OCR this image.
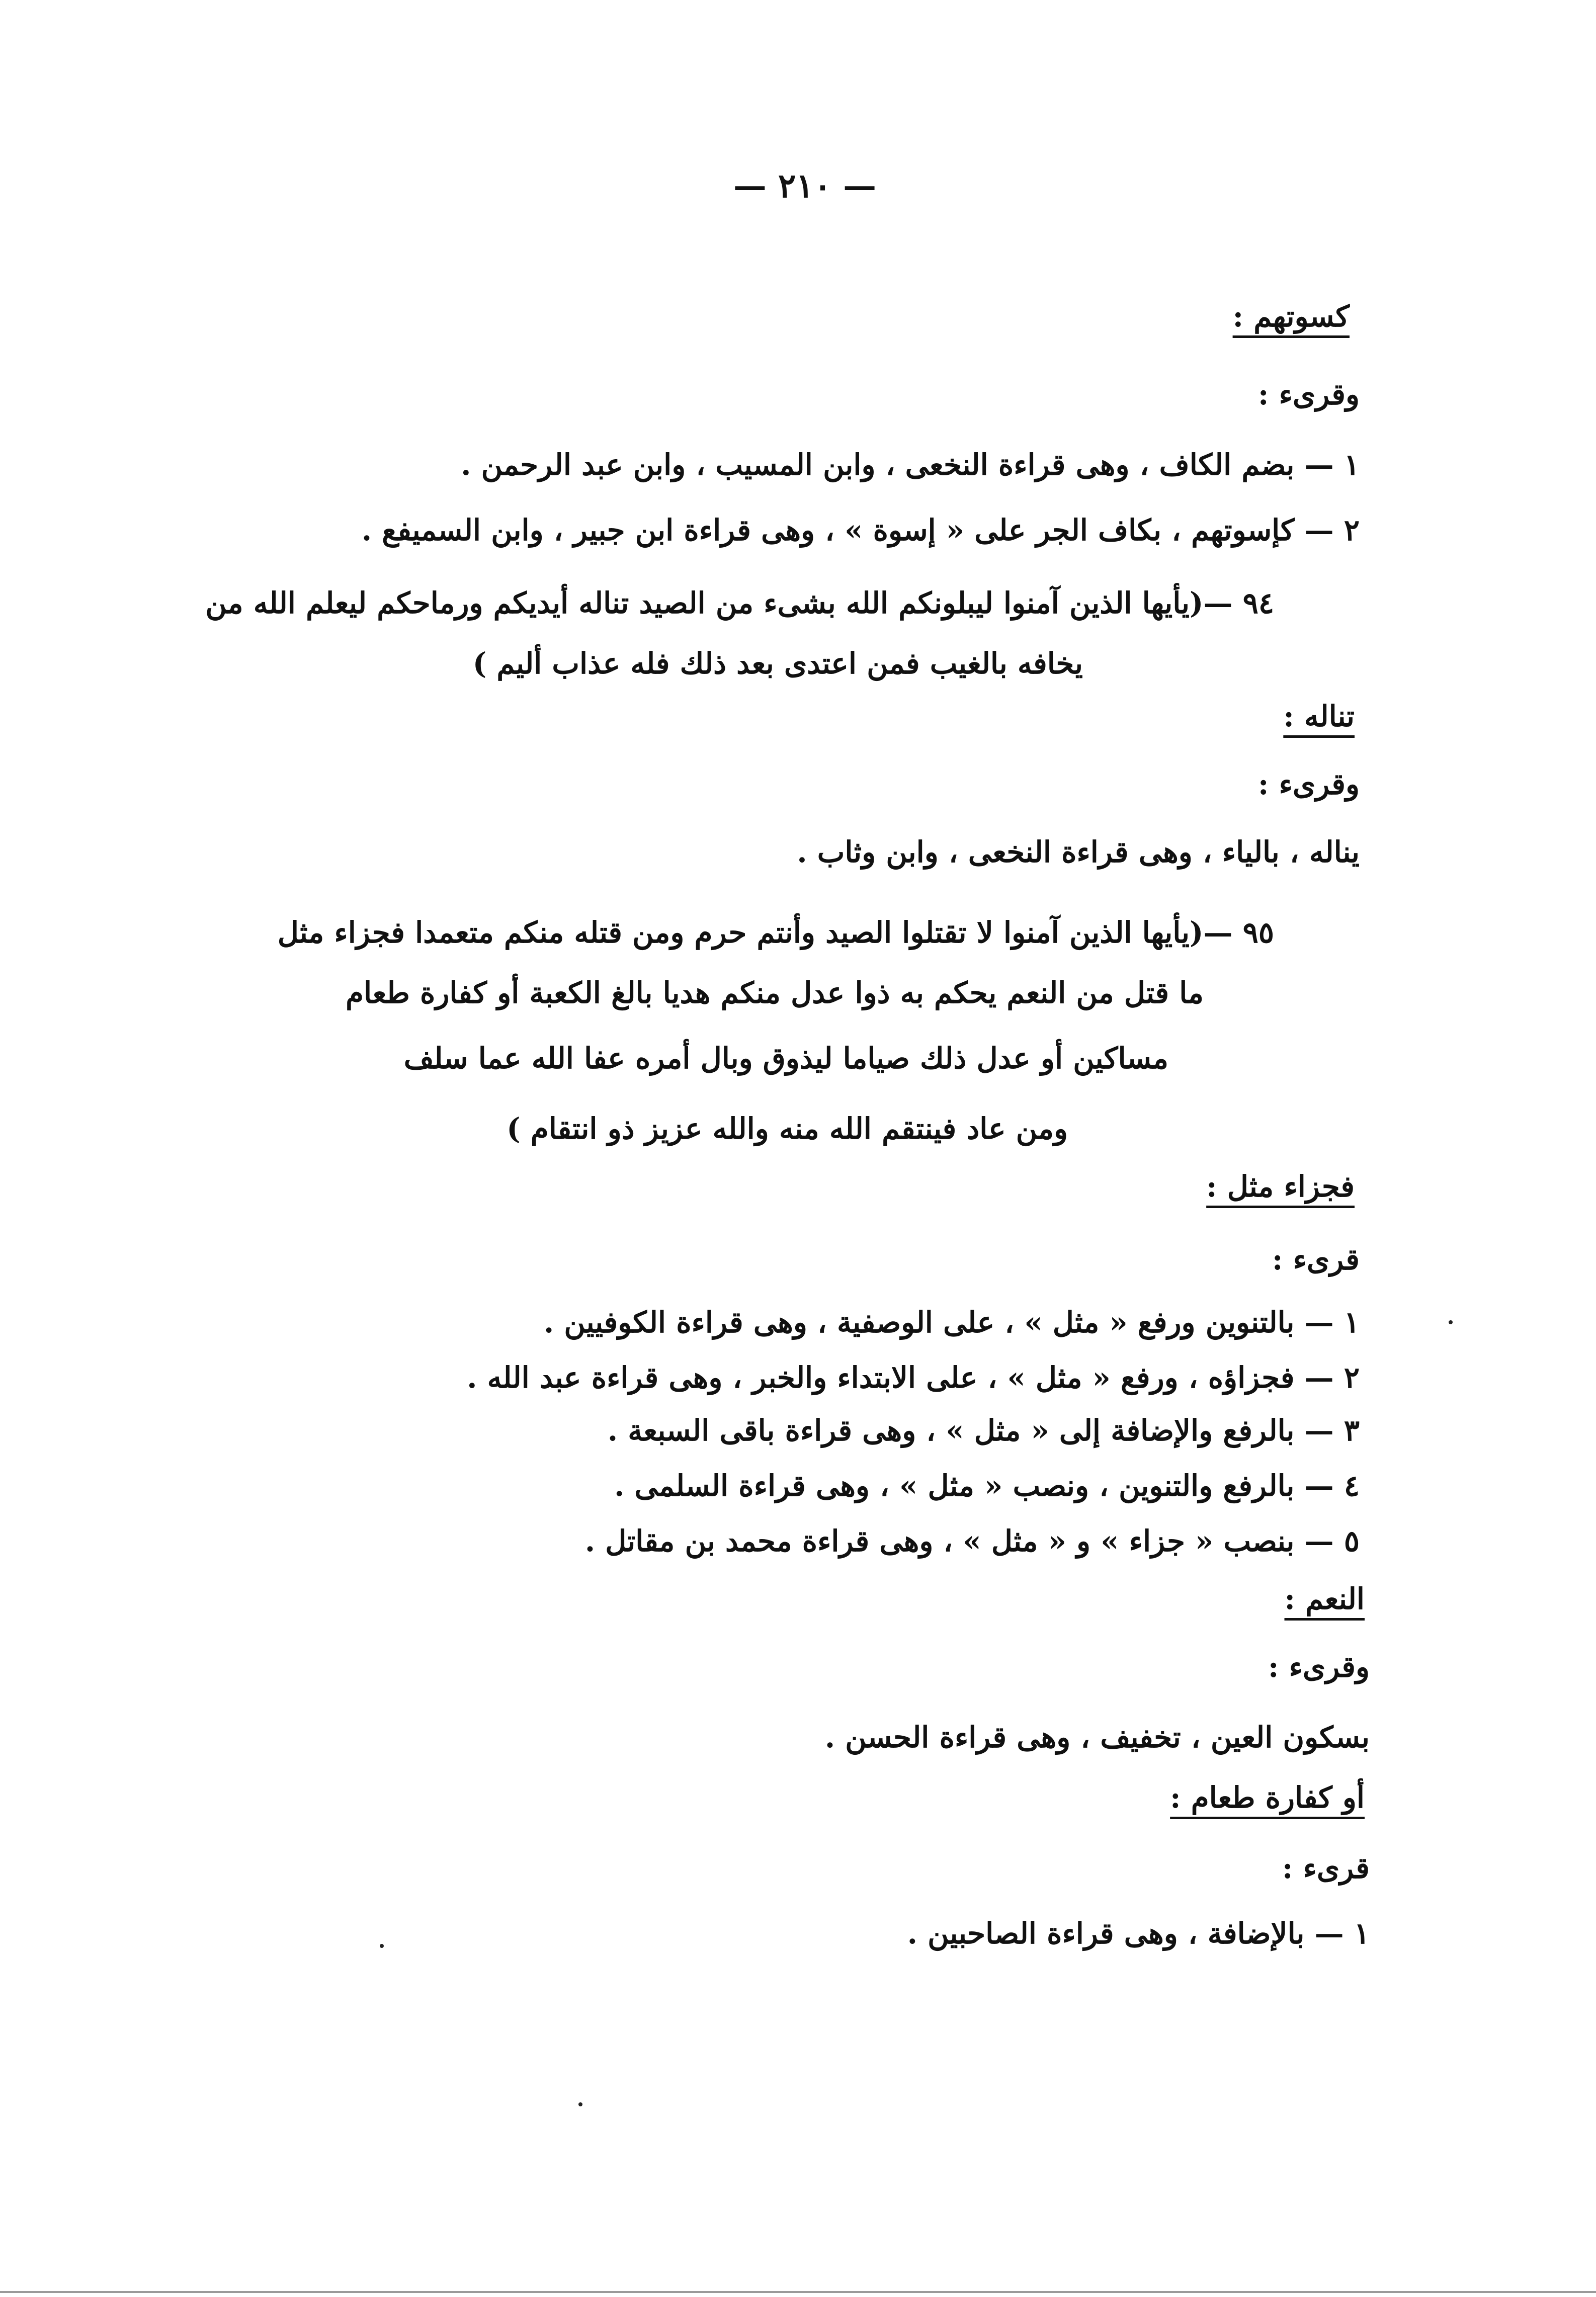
— ٢١٠ —
كسوتهم :
وقرىء :
١ — بضم الكاف ، وهى قراءة النخعى ، وابن المسيب ، وابن عبد الرحمن .
٢ — كإسوتهم ، بكاف الجر على « إسوة » ، وهى قراءة ابن جبير ، وابن السميفع .
٩٤ —(يأيها الذين آمنوا ليبلونكم الله بشىء من الصيد تناله أيديكم ورماحكم ليعلم الله من
يخافه بالغيب فمن اعتدى بعد ذلك فله عذاب أليم )
تناله :
وقرىء :
يناله ، بالياء ، وهى قراءة النخعى ، وابن وثاب .
٩٥ —(يأيها الذين آمنوا لا تقتلوا الصيد وأنتم حرم ومن قتله منكم متعمدا فجزاء مثل
ما قتل من النعم يحكم به ذوا عدل منكم هديا بالغ الكعبة أو كفارة طعام
مساكين أو عدل ذلك صياما ليذوق وبال أمره عفا الله عما سلف
ومن عاد فينتقم الله منه والله عزيز ذو انتقام )
فجزاء مثل :
قرىء :
١ — بالتنوين ورفع « مثل » ، على الوصفية ، وهى قراءة الكوفيين .
٢ — فجزاؤه ، ورفع « مثل » ، على الابتداء والخبر ، وهى قراءة عبد الله .
٣ — بالرفع والإضافة إلى « مثل » ، وهى قراءة باقى السبعة .
٤ — بالرفع والتنوين ، ونصب « مثل » ، وهى قراءة السلمى .
٥ — بنصب « جزاء » و « مثل » ، وهى قراءة محمد بن مقاتل .
النعم :
وقرىء :
بسكون العين ، تخفيف ، وهى قراءة الحسن .
أو كفارة طعام :
قرىء :
١ — بالإضافة ، وهى قراءة الصاحبين .
